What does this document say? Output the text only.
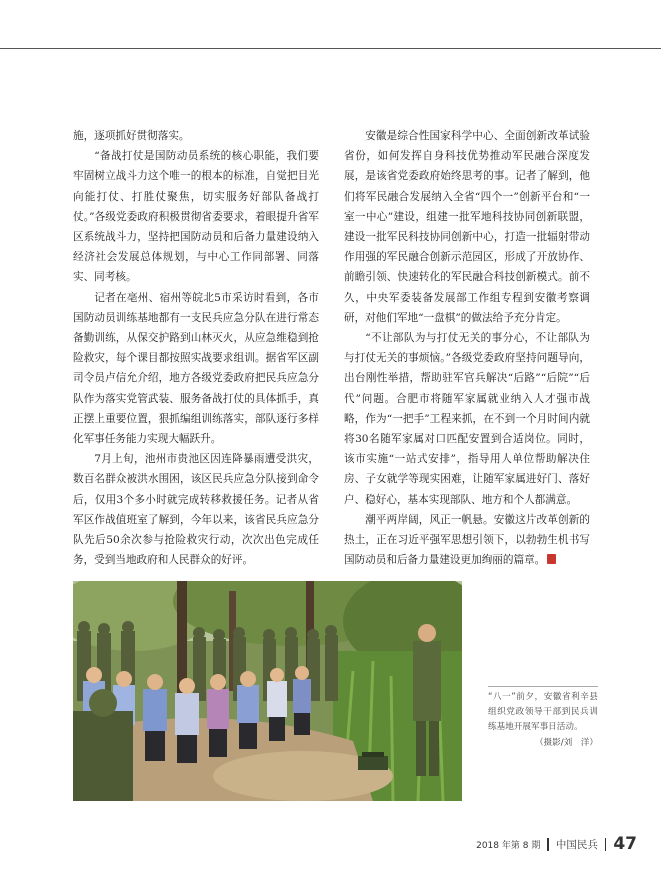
施，逐项抓好贯彻落实。

“备战打仗是国防动员系统的核心职能，我们要牢固树立战斗力这个唯一的根本的标准，自觉把目光向能打仗、打胜仗聚焦，切实服务好部队备战打仗。”各级党委政府积极贯彻省委要求，着眼提升省军区系统战斗力，坚持把国防动员和后备力量建设纳入经济社会发展总体规划，与中心工作同部署、同落实、同考核。

记者在亳州、宿州等皖北5市采访时看到，各市国防动员训练基地都有一支民兵应急分队在进行常态备勤训练，从保交护路到山林灭火，从应急维稳到抢险救灾，每个课目都按照实战要求组训。据省军区副司令员卢信允介绍，地方各级党委政府把民兵应急分队作为落实党管武装、服务备战打仗的具体抓手，真正摆上重要位置，狠抓编组训练落实，部队逐行多样化军事任务能力实现大幅跃升。

7月上旬，池州市贵池区因连降暴雨遭受洪灾，数百名群众被洪水围困，该区民兵应急分队接到命令后，仅用3个多小时就完成转移救援任务。记者从省军区作战值班室了解到，今年以来，该省民兵应急分队先后50余次参与抢险救灾行动，次次出色完成任务，受到当地政府和人民群众的好评。

安徽是综合性国家科学中心、全面创新改革试验省份，如何发挥自身科技优势推动军民融合深度发展，是该省党委政府始终思考的事。记者了解到，他们将军民融合发展纳入全省“四个一”创新平台和“一室一中心”建设，组建一批军地科技协同创新联盟，建设一批军民科技协同创新中心，打造一批辐射带动作用强的军民融合创新示范园区，形成了开放协作、前瞻引领、快速转化的军民融合科技创新模式。前不久，中央军委装备发展部工作组专程到安徽考察调研，对他们军地“一盘棋”的做法给予充分肯定。

“不让部队为与打仗无关的事分心，不让部队为与打仗无关的事烦恼。”各级党委政府坚持问题导向，出台刚性举措，帮助驻军官兵解决“后路”“后院”“后代”问题。合肥市将随军家属就业纳入人才强市战略，作为“一把手”工程来抓，在不到一个月时间内就将30名随军家属对口匹配安置到合适岗位。同时，该市实施“一站式安排”，指导用人单位帮助解决住房、子女就学等现实困难，让随军家属进好门、落好户、稳好心，基本实现部队、地方和个人都满意。

潮平两岸阔，风正一帆悬。安徽这片改革创新的热土，正在习近平强军思想引领下，以勃勃生机书写国防动员和后备力量建设更加绚丽的篇章。

“八一”前夕，安徽省利辛县组织党政领导干部到民兵训练基地开展军事日活动。
（摄影/刘　洋）
2018 年第 8 期 中国民兵 47
